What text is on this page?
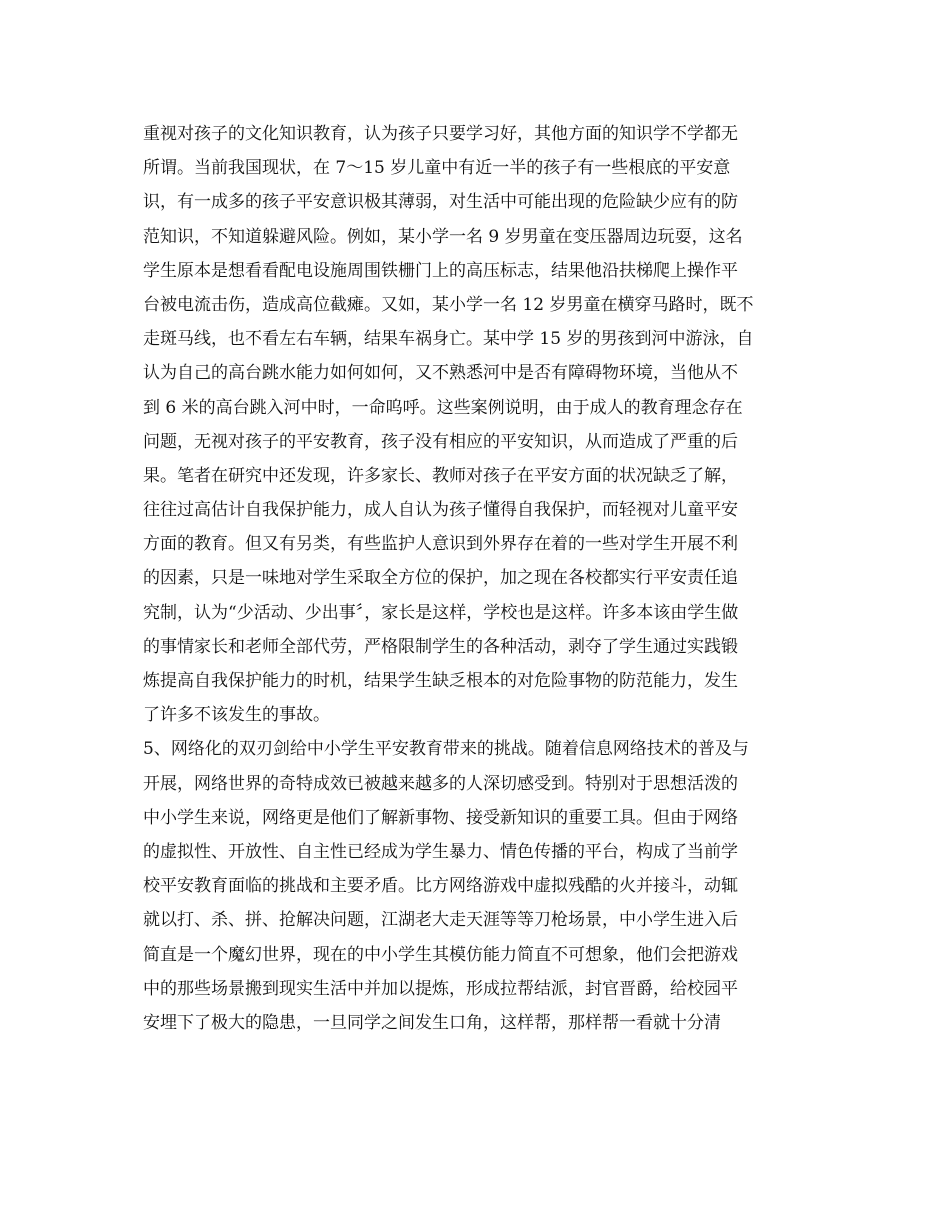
重视对孩子的文化知识教育，认为孩子只要学习好，其他方面的知识学不学都无
所谓。当前我国现状，在 7～15 岁儿童中有近一半的孩子有一些根底的平安意
识，有一成多的孩子平安意识极其薄弱，对生活中可能出现的危险缺少应有的防
范知识，不知道躲避风险。例如，某小学一名 9 岁男童在变压器周边玩耍，这名
学生原本是想看看配电设施周围铁栅门上的高压标志，结果他沿扶梯爬上操作平
台被电流击伤，造成高位截瘫。又如，某小学一名 12 岁男童在横穿马路时，既不
走斑马线，也不看左右车辆，结果车祸身亡。某中学 15 岁的男孩到河中游泳，自
认为自己的高台跳水能力如何如何，又不熟悉河中是否有障碍物环境，当他从不
到 6 米的高台跳入河中时，一命呜呼。这些案例说明，由于成人的教育理念存在
问题，无视对孩子的平安教育，孩子没有相应的平安知识，从而造成了严重的后
果。笔者在研究中还发现，许多家长、教师对孩子在平安方面的状况缺乏了解，
往往过高估计自我保护能力，成人自认为孩子懂得自我保护，而轻视对儿童平安
方面的教育。但又有另类，有些监护人意识到外界存在着的一些对学生开展不利
的因素，只是一味地对学生采取全方位的保护，加之现在各校都实行平安责任追
究制，认为“少活动、少出事〞，家长是这样，学校也是这样。许多本该由学生做
的事情家长和老师全部代劳，严格限制学生的各种活动，剥夺了学生通过实践锻
炼提高自我保护能力的时机，结果学生缺乏根本的对危险事物的防范能力，发生
了许多不该发生的事故。
5、网络化的双刃剑给中小学生平安教育带来的挑战。随着信息网络技术的普及与
开展，网络世界的奇特成效已被越来越多的人深切感受到。特别对于思想活泼的
中小学生来说，网络更是他们了解新事物、接受新知识的重要工具。但由于网络
的虚拟性、开放性、自主性已经成为学生暴力、情色传播的平台，构成了当前学
校平安教育面临的挑战和主要矛盾。比方网络游戏中虚拟残酷的火并接斗，动辄
就以打、杀、拼、抢解决问题，江湖老大走天涯等等刀枪场景，中小学生进入后
简直是一个魔幻世界，现在的中小学生其模仿能力简直不可想象，他们会把游戏
中的那些场景搬到现实生活中并加以提炼，形成拉帮结派，封官晋爵，给校园平
安埋下了极大的隐患，一旦同学之间发生口角，这样帮，那样帮一看就十分清
